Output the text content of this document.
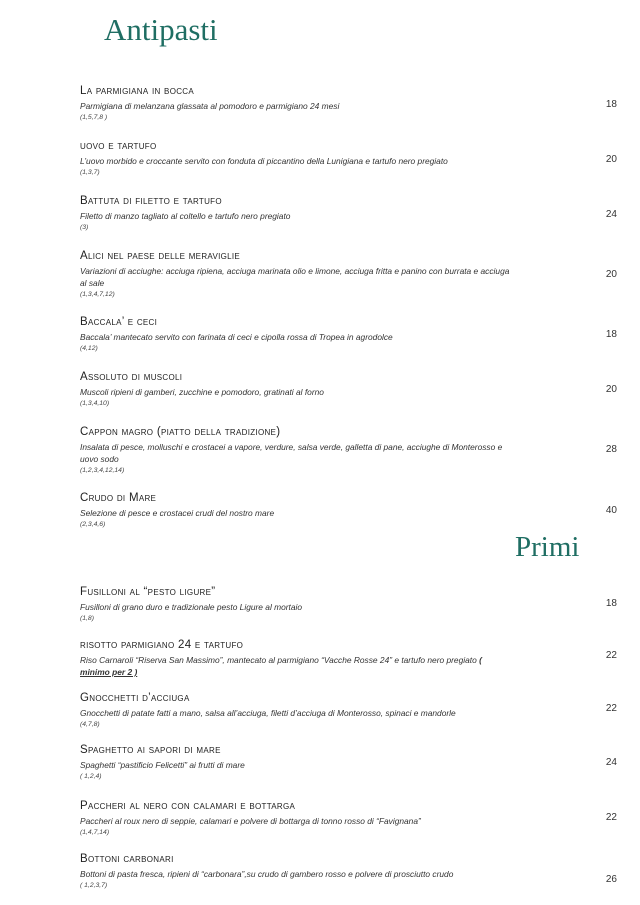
Antipasti
La parmigiana in bocca
Parmigiana di melanzana glassata al pomodoro e parmigiano 24 mesi
(1,5,7,8 )
18
uovo e tartufo
L’uovo morbido e croccante servito con fonduta di piccantino della Lunigiana e tartufo nero pregiato
(1,3,7)
20
Battuta di filetto e tartufo
Filetto di manzo tagliato al coltello e tartufo nero pregiato
(3)
24
Alici nel paese delle meraviglie
Variazioni di acciughe: acciuga ripiena, acciuga marinata olio e limone, acciuga fritta e panino con burrata e acciuga al sale
(1,3,4,7,12)
20
Baccala’ e ceci
Baccala’ mantecato servito con farinata di ceci e cipolla rossa di Tropea in agrodolce
(4,12)
18
Assoluto di muscoli
Muscoli ripieni di gamberi, zucchine e pomodoro, gratinati al forno
(1,3,4,10)
20
Cappon magro (piatto della tradizione)
Insalata di pesce, molluschi e crostacei a vapore, verdure, salsa verde, galletta di pane, acciughe di Monterosso e uovo sodo
(1,2,3,4,12,14)
28
Crudo di Mare
Selezione di pesce e crostacei crudi del nostro mare
(2,3,4,6)
40
Primi
Fusilloni al “pesto ligure”
Fusilloni di grano duro e tradizionale pesto Ligure al mortaio
(1,8)
18
risotto parmigiano 24 e tartufo
Riso Carnaroli “Riserva San Massimo”, mantecato al parmigiano “Vacche Rosse 24” e tartufo nero pregiato ( minimo per 2 )
22
Gnocchetti d’acciuga
Gnocchetti di patate fatti a mano, salsa all’acciuga, filetti d’acciuga di Monterosso, spinaci e mandorle
(4,7,8)
22
Spaghetto ai sapori di mare
Spaghetti “pastificio Felicetti” ai frutti di mare
( 1,2,4)
24
Paccheri al nero con calamari e bottarga
Paccheri al roux nero di seppie, calamari e polvere di bottarga di tonno rosso di “Favignana”
(1,4,7,14)
22
Bottoni carbonari
Bottoni di pasta fresca, ripieni di “carbonara”,su crudo di gambero rosso e polvere di prosciutto crudo
( 1,2,3,7)
26
